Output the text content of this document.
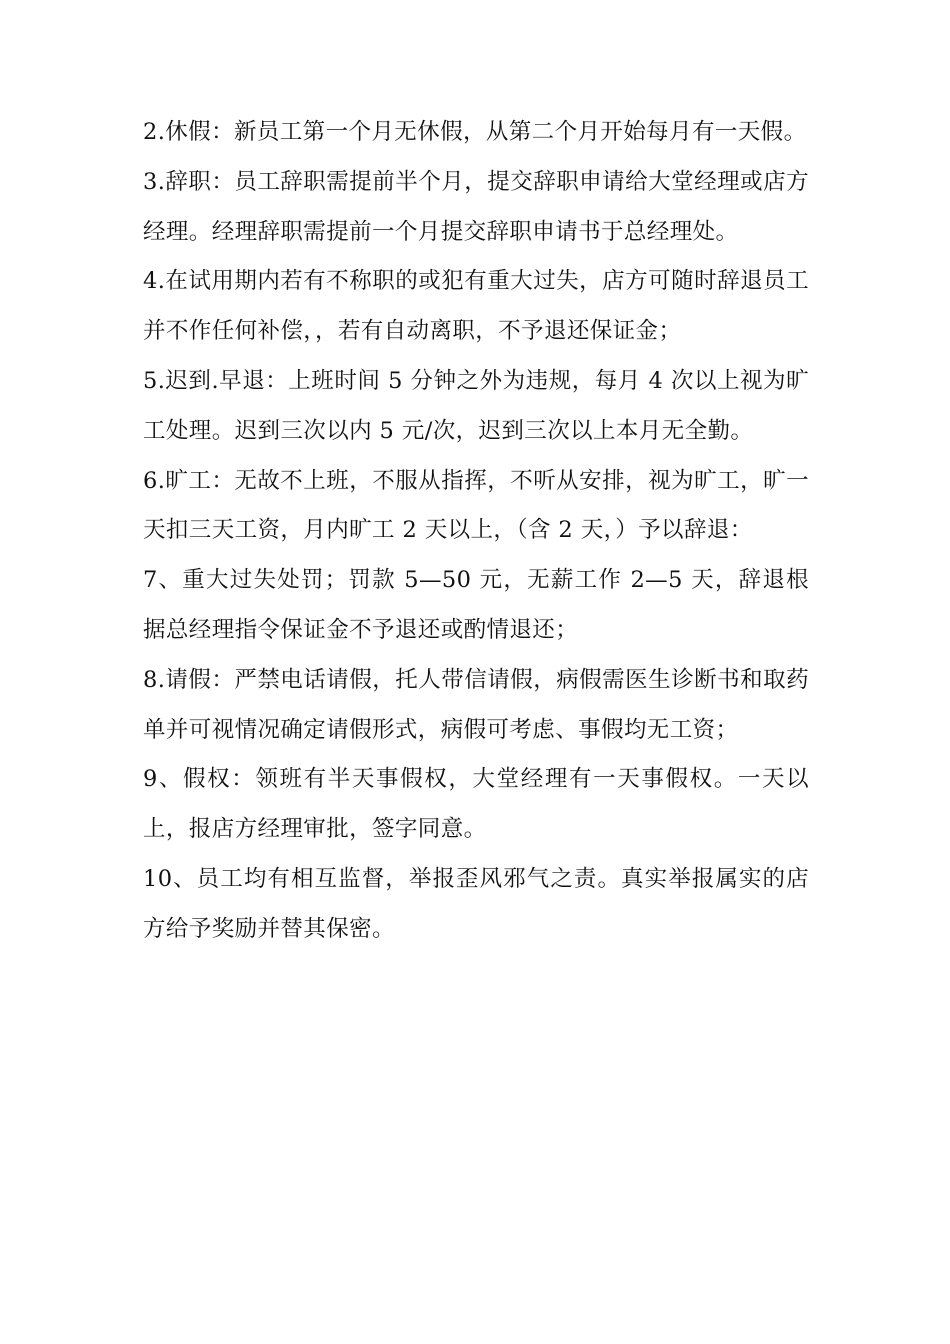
2.休假：新员工第一个月无休假，从第二个月开始每月有一天假。

3.辞职：员工辞职需提前半个月，提交辞职申请给大堂经理或店方经理。经理辞职需提前一个月提交辞职申请书于总经理处。

4.在试用期内若有不称职的或犯有重大过失，店方可随时辞退员工并不作任何补偿，，若有自动离职，不予退还保证金；

5.迟到.早退：上班时间 5 分钟之外为违规，每月 4 次以上视为旷工处理。迟到三次以内 5 元/次，迟到三次以上本月无全勤。

6.旷工：无故不上班，不服从指挥，不听从安排，视为旷工，旷一天扣三天工资，月内旷工 2 天以上，（含 2 天，）予以辞退：

7、重大过失处罚；罚款 5—50 元，无薪工作 2—5 天，辞退根据总经理指令保证金不予退还或酌情退还；

8.请假：严禁电话请假，托人带信请假，病假需医生诊断书和取药单并可视情况确定请假形式，病假可考虑、事假均无工资；

9、假权：领班有半天事假权，大堂经理有一天事假权。一天以上，报店方经理审批，签字同意。

10、员工均有相互监督，举报歪风邪气之责。真实举报属实的店方给予奖励并替其保密。
